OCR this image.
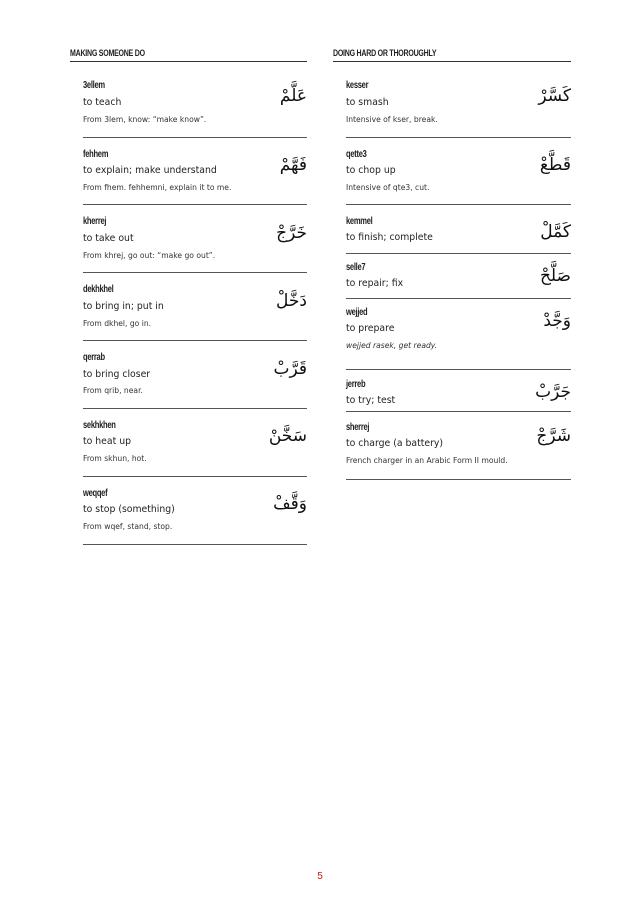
MAKING SOMEONE DO
3ellem
to teach
From 3lem, know: “make know”.
عَلَّمْ
fehhem
to explain; make understand
From fhem. fehhemni, explain it to me.
فَهَّمْ
kherrej
to take out
From khrej, go out: “make go out”.
خَرَّجْ
dekhkhel
to bring in; put in
From dkhel, go in.
دَخَّلْ
qerrab
to bring closer
From qrib, near.
قَرَّبْ
sekhkhen
to heat up
From skhun, hot.
سَخَّنْ
weqqef
to stop (something)
From wqef, stand, stop.
وَقَّفْ
DOING HARD OR THOROUGHLY
kesser
to smash
Intensive of kser, break.
كَسَّرْ
qette3
to chop up
Intensive of qte3, cut.
قَطَّعْ
kemmel
to finish; complete	كَمَّلْ
selle7
to repair; fix	صَلَّحْ
wejjed
to prepare
wejjed rasek, get ready.
وَجَّدْ
jerreb
to try; test	جَرَّبْ
sherrej
to charge (a battery)
French charger in an Arabic Form II mould.
شَرَّجْ
5
